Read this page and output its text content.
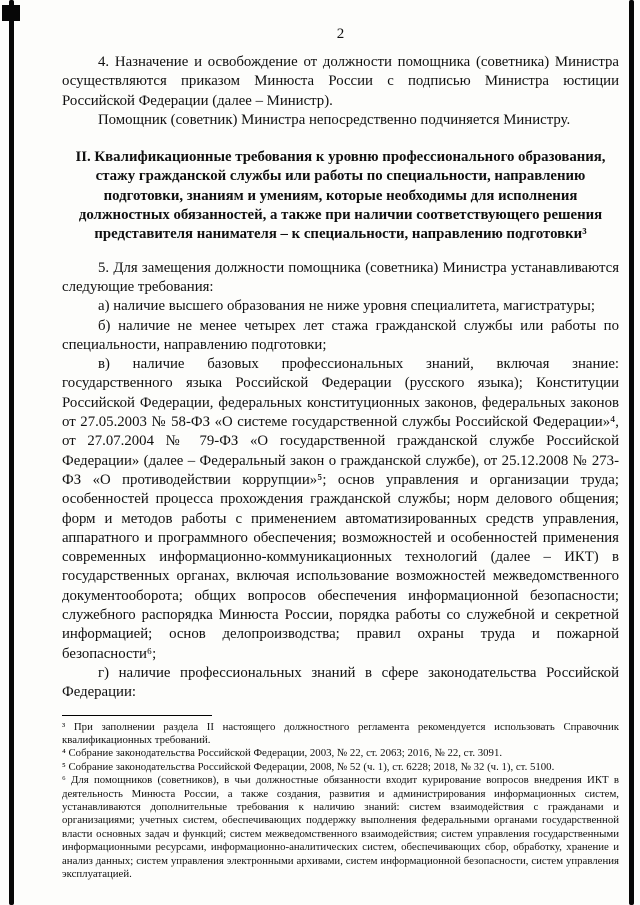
2

4. Назначение и освобождение от должности помощника (советника) Министра осуществляются приказом Минюста России с подписью Министра юстиции Российской Федерации (далее – Министр).

Помощник (советник) Министра непосредственно подчиняется Министру.

II. Квалификационные требования к уровню профессионального образования, стажу гражданской службы или работы по специальности, направлению подготовки, знаниям и умениям, которые необходимы для исполнения должностных обязанностей, а также при наличии соответствующего решения представителя нанимателя – к специальности, направлению подготовки³

5. Для замещения должности помощника (советника) Министра устанавливаются следующие требования:

а) наличие высшего образования не ниже уровня специалитета, магистратуры;

б) наличие не менее четырех лет стажа гражданской службы или работы по специальности, направлению подготовки;

в) наличие базовых профессиональных знаний, включая знание: государственного языка Российской Федерации (русского языка); Конституции Российской Федерации, федеральных конституционных законов, федеральных законов от 27.05.2003 № 58-ФЗ «О системе государственной службы Российской Федерации»⁴, от 27.07.2004 № 79-ФЗ «О государственной гражданской службе Российской Федерации» (далее – Федеральный закон о гражданской службе), от 25.12.2008 № 273-ФЗ «О противодействии коррупции»⁵; основ управления и организации труда; особенностей процесса прохождения гражданской службы; норм делового общения; форм и методов работы с применением автоматизированных средств управления, аппаратного и программного обеспечения; возможностей и особенностей применения современных информационно-коммуникационных технологий (далее – ИКТ) в государственных органах, включая использование возможностей межведомственного документооборота; общих вопросов обеспечения информационной безопасности; служебного распорядка Минюста России, порядка работы со служебной и секретной информацией; основ делопроизводства; правил охраны труда и пожарной безопасности⁶;

г) наличие профессиональных знаний в сфере законодательства Российской Федерации:

³ При заполнении раздела II настоящего должностного регламента рекомендуется использовать Справочник квалификационных требований.

⁴ Собрание законодательства Российской Федерации, 2003, № 22, ст. 2063; 2016, № 22, ст. 3091.

⁵ Собрание законодательства Российской Федерации, 2008, № 52 (ч. 1), ст. 6228; 2018, № 32 (ч. 1), ст. 5100.

⁶ Для помощников (советников), в чьи должностные обязанности входит курирование вопросов внедрения ИКТ в деятельность Минюста России, а также создания, развития и администрирования информационных систем, устанавливаются дополнительные требования к наличию знаний: систем взаимодействия с гражданами и организациями; учетных систем, обеспечивающих поддержку выполнения федеральными органами государственной власти основных задач и функций; систем межведомственного взаимодействия; систем управления государственными информационными ресурсами, информационно-аналитических систем, обеспечивающих сбор, обработку, хранение и анализ данных; систем управления электронными архивами, систем информационной безопасности, систем управления эксплуатацией.
